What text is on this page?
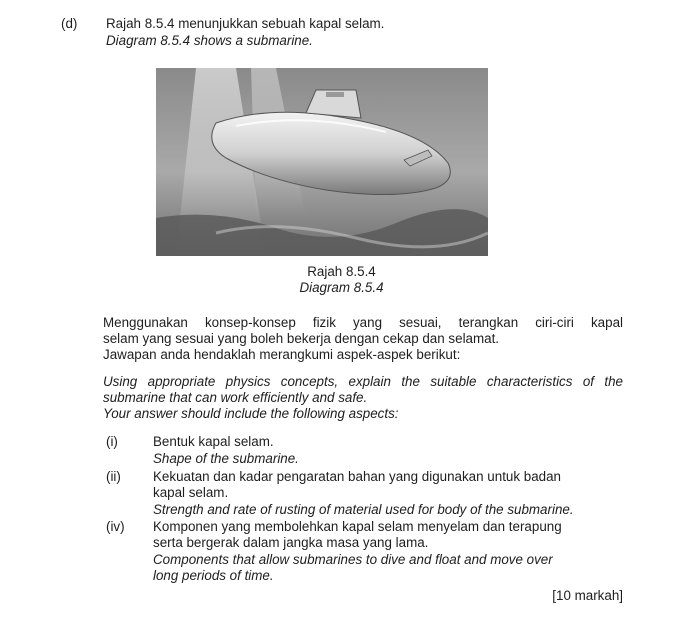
(d) Rajah 8.5.4 menunjukkan sebuah kapal selam.
Diagram 8.5.4 shows a submarine.
Rajah 8.5.4
Diagram 8.5.4
Menggunakan konsep-konsep fizik yang sesuai, terangkan ciri-ciri kapal
selam yang sesuai yang boleh bekerja dengan cekap dan selamat.
Jawapan anda hendaklah merangkumi aspek-aspek berikut:
Using appropriate physics concepts, explain the suitable characteristics of the
submarine that can work efficiently and safe.
Your answer should include the following aspects:
(i)	Bentuk kapal selam.
Shape of the submarine.
(ii) Kekuatan dan kadar pengaratan bahan yang digunakan untuk badan
kapal selam.
Strength and rate of rusting of material used for body of the submarine.
(iv) Komponen yang membolehkan kapal selam menyelam dan terapung
serta bergerak dalam jangka masa yang lama.
Components that allow submarines to dive and float and move over
long periods of time.
[10 markah]
